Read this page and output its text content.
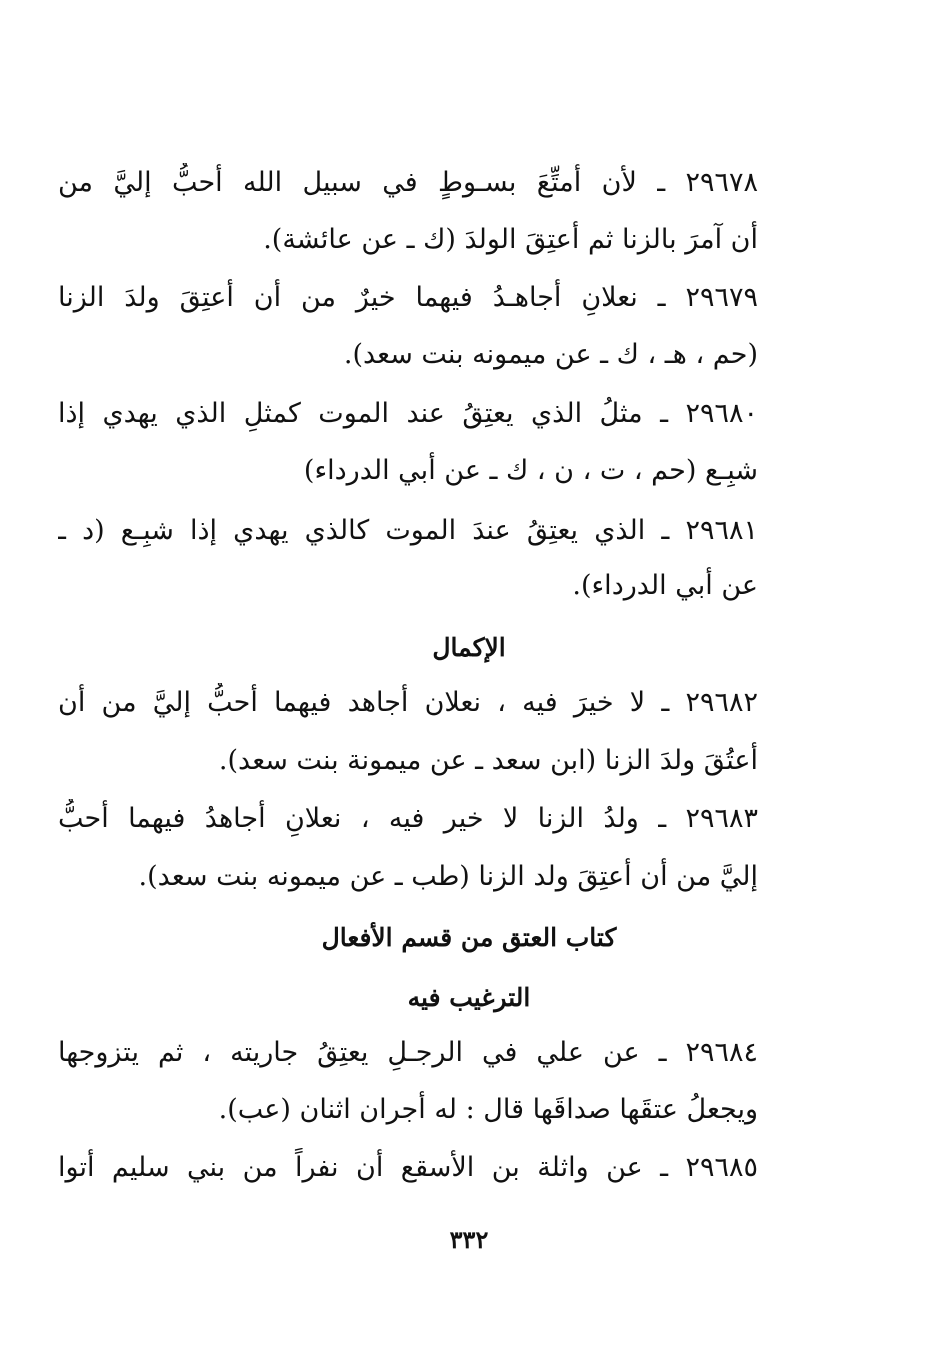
٢٩٦٧٨ ـ لأن أُمتِّعَ بسـوطٍ في سبيل الله أحبُّ إليَّ من
أن آمرَ بالزنا ثم أعتِقَ الولدَ (ك ـ عن عائشة).
٢٩٦٧٩ ـ نعلانِ أجاهـدُ فيهما خيرٌ من أن أعتِقَ ولدَ الزنا
(حم ، هـ ، ك ـ عن ميمونه بنت سعد).
٢٩٦٨٠ ـ مثلُ الذي يعتِقُ عند الموت كمثلِ الذي يهدي إذا
شبِـع (حم ، ت ، ن ، ك ـ عن أبي الدرداء)
٢٩٦٨١ ـ الذي يعتِقُ عندَ الموت كالذي يهدي إذا شبِـع (د ـ
عن أبي الدرداء).
الإكمال
٢٩٦٨٢ ـ لا خيرَ فيه ، نعلان أجاهد فيهما أحبُّ إليَّ من أن
أعتُقَ ولدَ الزنا (ابن سعد ـ عن ميمونة بنت سعد).
٢٩٦٨٣ ـ ولدُ الزنا لا خير فيه ، نعلانِ أجاهدُ فيهما أحبُّ
إليَّ من أن أعتِقَ ولد الزنا (طب ـ عن ميمونه بنت سعد).
كتاب العتق من قسم الأفعال
الترغيب فيه
٢٩٦٨٤ ـ عن علي في الرجـلِ يعتِقُ جاريته ، ثم يتزوجها
ويجعلُ عتقَها صداقَها قال : له أجران اثنان (عب).
٢٩٦٨٥ ـ عن واثلة بن الأسقع أن نفراً من بني سليم أتوا
٣٣٢
